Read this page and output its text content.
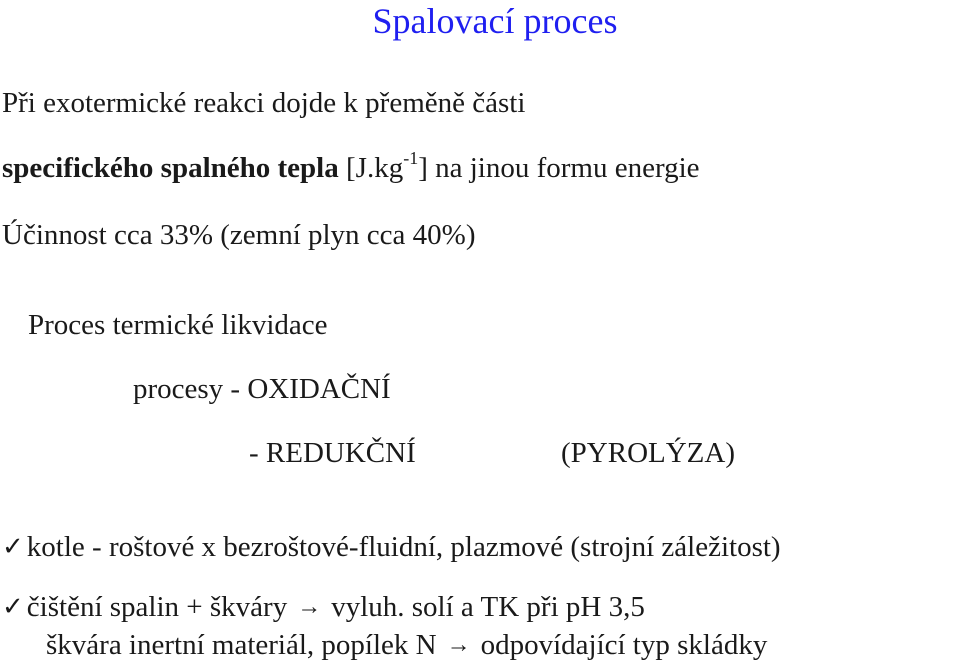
Spalovací proces
Při exotermické reakci dojde k přeměně části
specifického spalného tepla $[J.kg^{-1}]$ na jinou formu energie
Účinnost cca 33% (zemní plyn cca 40%)
Proces termické likvidace
procesy - OXIDAČNÍ
- REDUKČNÍ	(PYROLÝZA)
✓ kotle - roštové x bezroštové-fluidní, plazmové (strojní záležitost)
✓ čištění spalin + škváry → vyluh. solí a TK při pH 3,5
škvára inertní materiál, popílek N → odpovídající typ skládky
